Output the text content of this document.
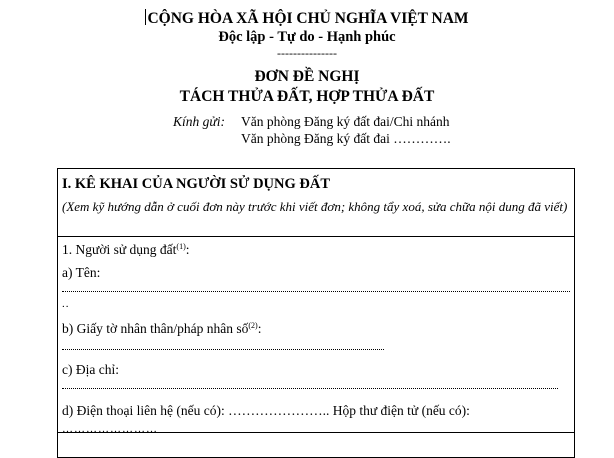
CỘNG HÒA XÃ HỘI CHỦ NGHĨA VIỆT NAM
Độc lập - Tự do - Hạnh phúc
---------------
ĐƠN ĐỀ NGHỊ
TÁCH THỬA ĐẤT, HỢP THỬA ĐẤT
Kính gửi: Văn phòng Đăng ký đất đai/Chi nhánh
Văn phòng Đăng ký đất đai ………….
I. KÊ KHAI CỦA NGƯỜI SỬ DỤNG ĐẤT
(Xem kỹ hướng dẫn ở cuối đơn này trước khi viết đơn; không tẩy xoá, sửa chữa nội dung đã viết)
1. Người sử dụng đất$^{(1)}$:
a) Tên:
..
b) Giấy tờ nhân thân/pháp nhân số$^{(2)}$:
c) Địa chỉ:
d) Điện thoại liên hệ (nếu có): ………………….. Hộp thư điện tử (nếu có):
……………………
